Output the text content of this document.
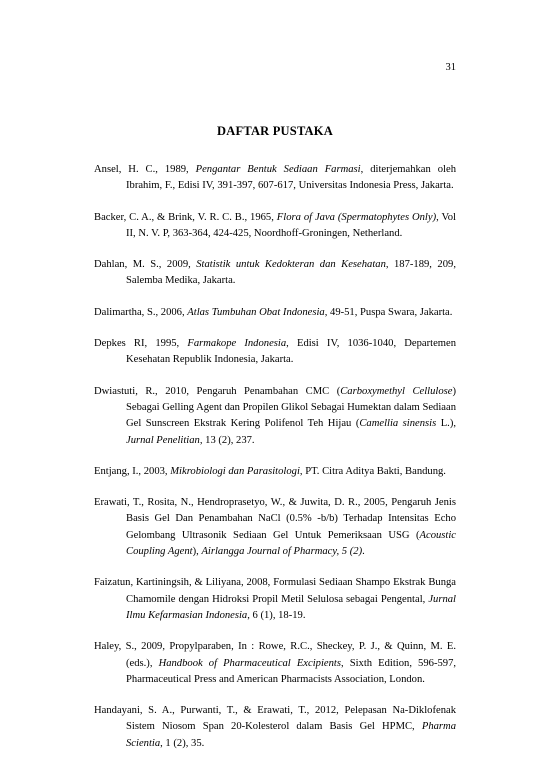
31
DAFTAR PUSTAKA

Ansel, H. C., 1989, Pengantar Bentuk Sediaan Farmasi, diterjemahkan oleh Ibrahim, F., Edisi IV, 391-397, 607-617, Universitas Indonesia Press, Jakarta.

Backer, C. A., & Brink, V. R. C. B., 1965, Flora of Java (Spermatophytes Only), Vol II, N. V. P, 363-364, 424-425, Noordhoff-Groningen, Netherland.

Dahlan, M. S., 2009, Statistik untuk Kedokteran dan Kesehatan, 187-189, 209, Salemba Medika, Jakarta.

Dalimartha, S., 2006, Atlas Tumbuhan Obat Indonesia, 49-51, Puspa Swara, Jakarta.

Depkes RI, 1995, Farmakope Indonesia, Edisi IV, 1036-1040, Departemen Kesehatan Republik Indonesia, Jakarta.

Dwiastuti, R., 2010, Pengaruh Penambahan CMC (Carboxymethyl Cellulose) Sebagai Gelling Agent dan Propilen Glikol Sebagai Humektan dalam Sediaan Gel Sunscreen Ekstrak Kering Polifenol Teh Hijau (Camellia sinensis L.), Jurnal Penelitian, 13 (2), 237.

Entjang, I., 2003, Mikrobiologi dan Parasitologi, PT. Citra Aditya Bakti, Bandung.

Erawati, T., Rosita, N., Hendroprasetyo, W., & Juwita, D. R., 2005, Pengaruh Jenis Basis Gel Dan Penambahan NaCl (0.5% -b/b) Terhadap Intensitas Echo Gelombang Ultrasonik Sediaan Gel Untuk Pemeriksaan USG (Acoustic Coupling Agent), Airlangga Journal of Pharmacy, 5 (2).

Faizatun, Kartiningsih, & Liliyana, 2008, Formulasi Sediaan Shampo Ekstrak Bunga Chamomile dengan Hidroksi Propil Metil Selulosa sebagai Pengental, Jurnal Ilmu Kefarmasian Indonesia, 6 (1), 18-19.

Haley, S., 2009, Propylparaben, In : Rowe, R.C., Sheckey, P. J., & Quinn, M. E. (eds.), Handbook of Pharmaceutical Excipients, Sixth Edition, 596-597, Pharmaceutical Press and American Pharmacists Association, London.

Handayani, S. A., Purwanti, T., & Erawati, T., 2012, Pelepasan Na-Diklofenak Sistem Niosom Span 20-Kolesterol dalam Basis Gel HPMC, Pharma Scientia, 1 (2), 35.
